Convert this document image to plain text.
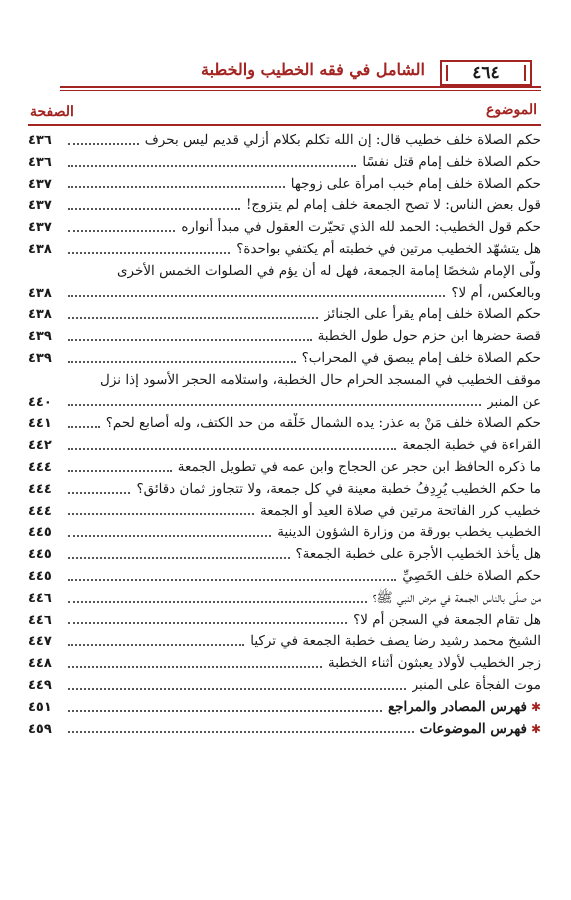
الشامل في فقه الخطيب والخطبة	٤٦٤
الموضوع
الصفحة
حكم الصلاة خلف خطيب قال: إن الله تكلم بكلام أزلي قديم ليس بحرف
٤٣٦
حكم الصلاة خلف إمام قتل نفسًا
٤٣٦
حكم الصلاة خلف إمام خبب امرأة على زوجها
٤٣٧
قول بعض الناس: لا تصح الجمعة خلف إمام لم يتزوج!
٤٣٧
حكم قول الخطيب: الحمد لله الذي تحيّرت العقول في مبدأ أنواره
٤٣٧
هل يتشهّد الخطيب مرتين في خطبته أم يكتفي بواحدة؟
٤٣٨
ولّى الإمام شخصًا إمامة الجمعة، فهل له أن يؤم في الصلوات الخمس الأخرى
وبالعكس، أم لا؟
٤٣٨
حكم الصلاة خلف إمام يقرأ على الجنائز
٤٣٨
قصة حضرها ابن حزم حول طول الخطبة
٤٣٩
حكم الصلاة خلف إمام يبصق في المحراب؟
٤٣٩
موقف الخطيب في المسجد الحرام حال الخطبة، واستلامه الحجر الأسود إذا نزل
عن المنبر
٤٤٠
حكم الصلاة خلف مَنْ به عذر: يده الشمال خَلْقه من حد الكتف، وله أصابع لحم؟
٤٤١
القراءة في خطبة الجمعة
٤٤٢
ما ذكره الحافظ ابن حجر عن الحجاج وابن عمه في تطويل الجمعة
٤٤٤
ما حكم الخطيب يُرِدِفُ خطبة معينة في كل جمعة، ولا تتجاوز ثمان دقائق؟
٤٤٤
خطيب كرر الفاتحة مرتين في صلاة العيد أو الجمعة
٤٤٤
الخطيب يخطب بورقة من وزارة الشؤون الدينية
٤٤٥
هل يأخذ الخطيب الأجرة على خطبة الجمعة؟
٤٤٥
حكم الصلاة خلف الخَصِيِّ
٤٤٥
من صلّى بالناس الجمعة في مرض النبي ﷺ؟
٤٤٦
هل تقام الجمعة في السجن أم لا؟
٤٤٦
الشيخ محمد رشيد رضا يصف خطبة الجمعة في تركيا
٤٤٧
زجر الخطيب لأولاد يعبثون أثناء الخطبة
٤٤٨
موت الفجأة على المنبر
٤٤٩
✱
فهرس المصادر والمراجع
٤٥١
✱
فهرس الموضوعات
٤٥٩
